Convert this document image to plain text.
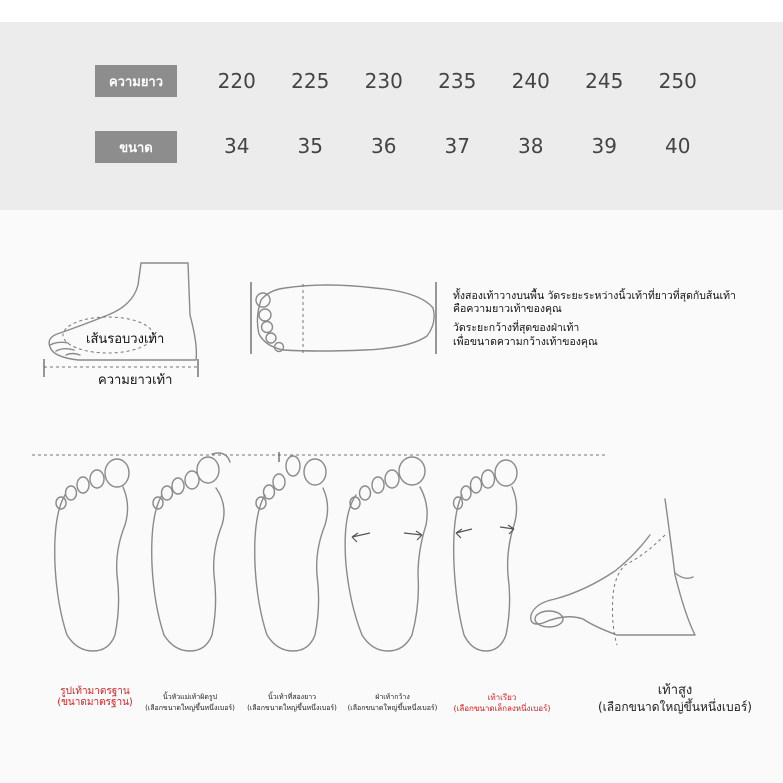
ความยาว	220	225	230	235	240	245	250
ขนาด	34	35	36	37	38	39	40
เส้นรอบวงเท้า
ความยาวเท้า
ทั้งสองเท้าวางบนพื้น วัดระยะระหว่างนิ้วเท้าที่ยาวที่สุดกับส้นเท้า
คือความยาวเท้าของคุณ
วัดระยะกว้างที่สุดของฝ่าเท้า
เพื่อขนาดความกว้างเท้าของคุณ
รูปเท้ามาตรฐาน
(ขนาดมาตรฐาน)	นิ้วหัวแม่เท้าผิดรูป
(เลือกขนาดใหญ่ขึ้นหนึ่งเบอร์)
นิ้วเท้าที่สองยาว
(เลือกขนาดใหญ่ขึ้นหนึ่งเบอร์)
ฝ่าเท้ากว้าง
(เลือกขนาดใหญ่ขึ้นหนึ่งเบอร์)
เท้าเรียว
(เลือกขนาดเล็กลงหนึ่งเบอร์)
เท้าสูง
(เลือกขนาดใหญ่ขึ้นหนึ่งเบอร์)
